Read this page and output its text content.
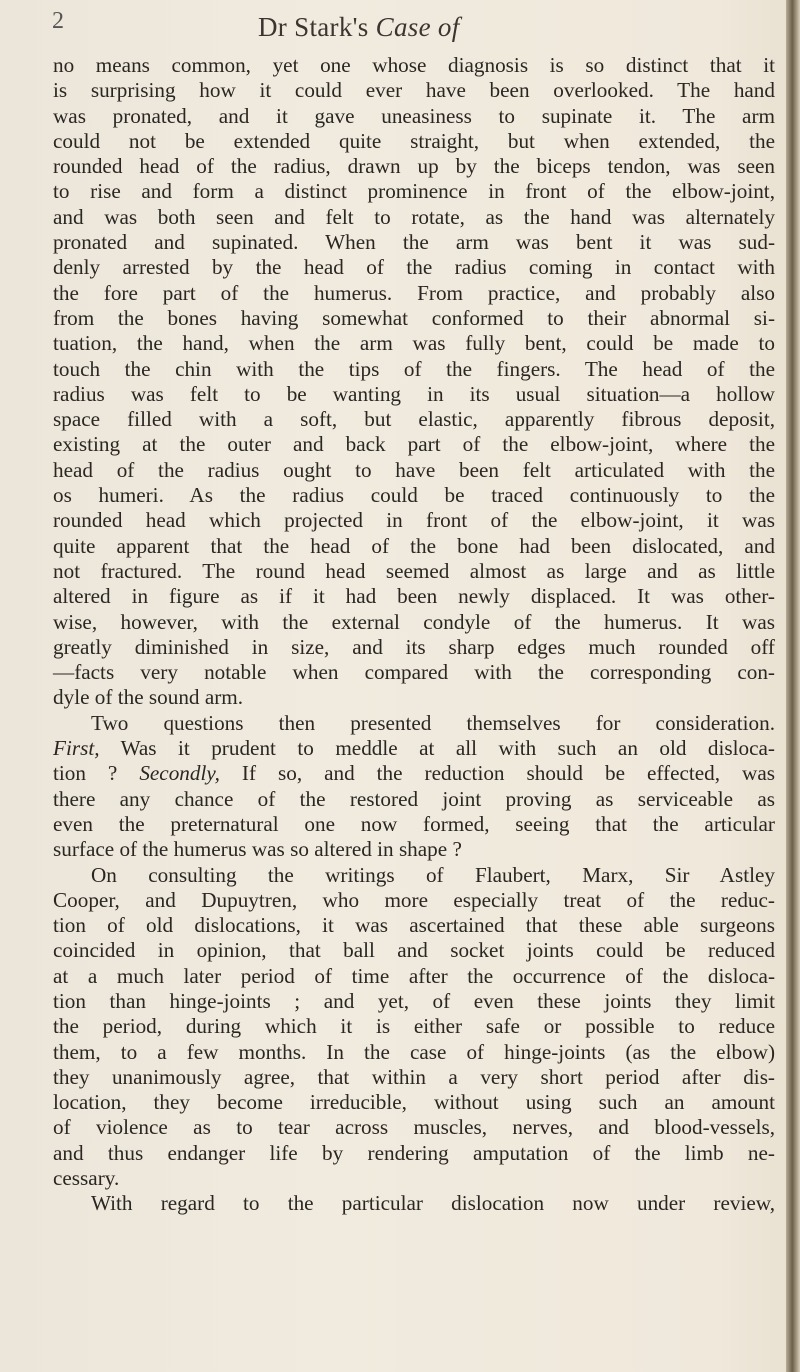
2	Dr Stark's Case of
no means common, yet one whose diagnosis is so distinct that it
is surprising how it could ever have been overlooked. The hand
was pronated, and it gave uneasiness to supinate it. The arm
could not be extended quite straight, but when extended, the
rounded head of the radius, drawn up by the biceps tendon, was seen
to rise and form a distinct prominence in front of the elbow-joint,
and was both seen and felt to rotate, as the hand was alternately
pronated and supinated. When the arm was bent it was sud-
denly arrested by the head of the radius coming in contact with
the fore part of the humerus. From practice, and probably also
from the bones having somewhat conformed to their abnormal si-
tuation, the hand, when the arm was fully bent, could be made to
touch the chin with the tips of the fingers. The head of the
radius was felt to be wanting in its usual situation—a hollow
space filled with a soft, but elastic, apparently fibrous deposit,
existing at the outer and back part of the elbow-joint, where the
head of the radius ought to have been felt articulated with the
os humeri. As the radius could be traced continuously to the
rounded head which projected in front of the elbow-joint, it was
quite apparent that the head of the bone had been dislocated, and
not fractured. The round head seemed almost as large and as little
altered in figure as if it had been newly displaced. It was other-
wise, however, with the external condyle of the humerus. It was
greatly diminished in size, and its sharp edges much rounded off
—facts very notable when compared with the corresponding con-
dyle of the sound arm.
Two questions then presented themselves for consideration.
First, Was it prudent to meddle at all with such an old disloca-
tion ? Secondly, If so, and the reduction should be effected, was
there any chance of the restored joint proving as serviceable as
even the preternatural one now formed, seeing that the articular
surface of the humerus was so altered in shape ?
On consulting the writings of Flaubert, Marx, Sir Astley
Cooper, and Dupuytren, who more especially treat of the reduc-
tion of old dislocations, it was ascertained that these able surgeons
coincided in opinion, that ball and socket joints could be reduced
at a much later period of time after the occurrence of the disloca-
tion than hinge-joints ; and yet, of even these joints they limit
the period, during which it is either safe or possible to reduce
them, to a few months. In the case of hinge-joints (as the elbow)
they unanimously agree, that within a very short period after dis-
location, they become irreducible, without using such an amount
of violence as to tear across muscles, nerves, and blood-vessels,
and thus endanger life by rendering amputation of the limb ne-
cessary.
With regard to the particular dislocation now under review,
